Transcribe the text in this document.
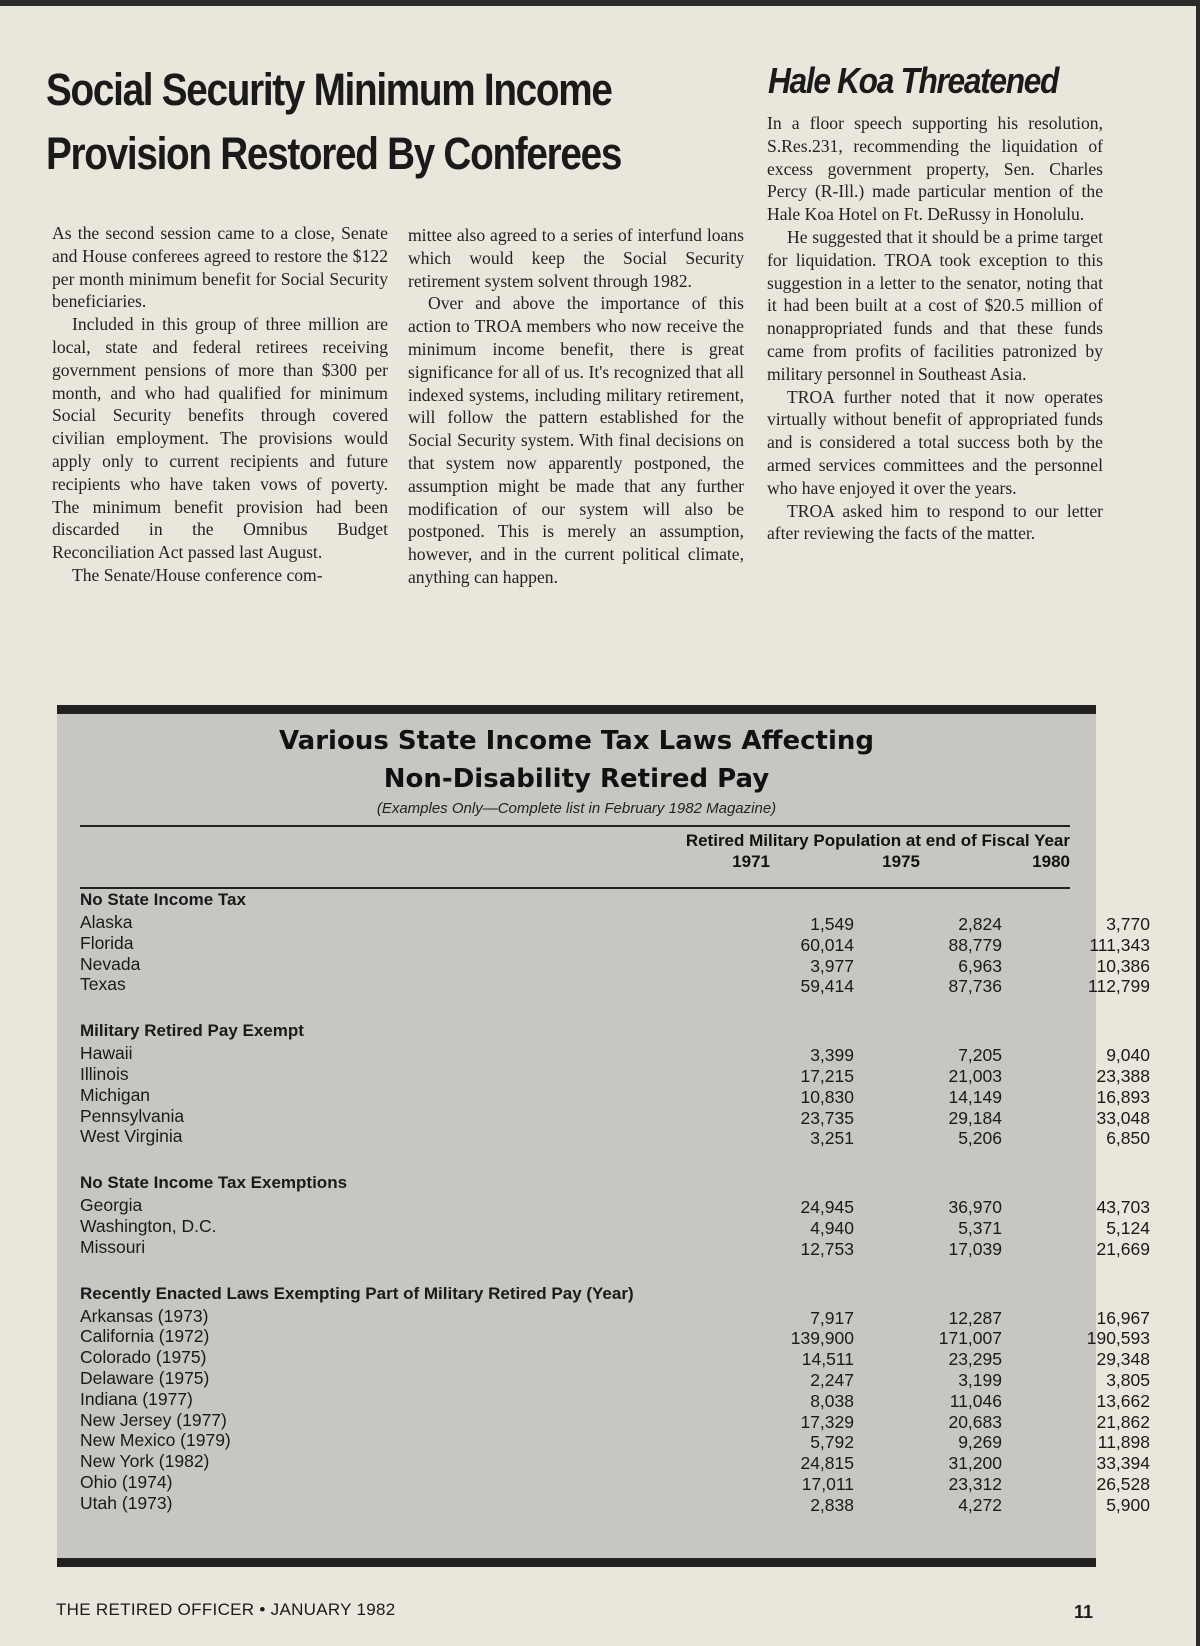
Social Security Minimum Income
Provision Restored By Conferees
Hale Koa Threatened

As the second session came to a close, Senate and House conferees agreed to restore the $122 per month minimum benefit for Social Security beneficiaries.

Included in this group of three million are local, state and federal retirees receiving government pensions of more than $300 per month, and who had qualified for minimum Social Security benefits through covered civilian employment. The provisions would apply only to current recipients and future recipients who have taken vows of poverty. The minimum benefit provision had been discarded in the Omnibus Budget Reconciliation Act passed last August.

The Senate/House conference com-

mittee also agreed to a series of interfund loans which would keep the Social Security retirement system solvent through 1982.

Over and above the importance of this action to TROA members who now receive the minimum income benefit, there is great significance for all of us. It's recognized that all indexed systems, including military retirement, will follow the pattern established for the Social Security system. With final decisions on that system now apparently postponed, the assumption might be made that any further modification of our system will also be postponed. This is merely an assumption, however, and in the current political climate, anything can happen.

In a floor speech supporting his resolution, S.Res.231, recommending the liquidation of excess government property, Sen. Charles Percy (R-Ill.) made particular mention of the Hale Koa Hotel on Ft. DeRussy in Honolulu.

He suggested that it should be a prime target for liquidation. TROA took exception to this suggestion in a letter to the senator, noting that it had been built at a cost of $20.5 million of nonappropriated funds and that these funds came from profits of facilities patronized by military personnel in Southeast Asia.

TROA further noted that it now operates virtually without benefit of appropriated funds and is considered a total success both by the armed services committees and the personnel who have enjoyed it over the years.

TROA asked him to respond to our letter after reviewing the facts of the matter.

Various State Income Tax Laws Affecting
Non-Disability Retired Pay
(Examples Only—Complete list in February 1982 Magazine)
Retired Military Population at end of Fiscal Year
1971	1975	1980
No State Income Tax
Alaska	1,549	2,824	3,770
Florida	60,014	88,779	111,343
Nevada	3,977	6,963	10,386
Texas	59,414	87,736	112,799
Military Retired Pay Exempt
Hawaii	3,399	7,205	9,040
Illinois	17,215	21,003	23,388
Michigan	10,830	14,149	16,893
Pennsylvania	23,735	29,184	33,048
West Virginia	3,251	5,206	6,850
No State Income Tax Exemptions
Georgia	24,945	36,970	43,703
Washington, D.C.	4,940	5,371	5,124
Missouri	12,753	17,039	21,669
Recently Enacted Laws Exempting Part of Military Retired Pay (Year)
Arkansas (1973)	7,917	12,287	16,967
California (1972)	139,900	171,007	190,593
Colorado (1975)	14,511	23,295	29,348
Delaware (1975)	2,247	3,199	3,805
Indiana (1977)	8,038	11,046	13,662
New Jersey (1977)	17,329	20,683	21,862
New Mexico (1979)	5,792	9,269	11,898
New York (1982)	24,815	31,200	33,394
Ohio (1974)	17,011	23,312	26,528
Utah (1973)	2,838	4,272	5,900
THE RETIRED OFFICER • JANUARY 1982	11
